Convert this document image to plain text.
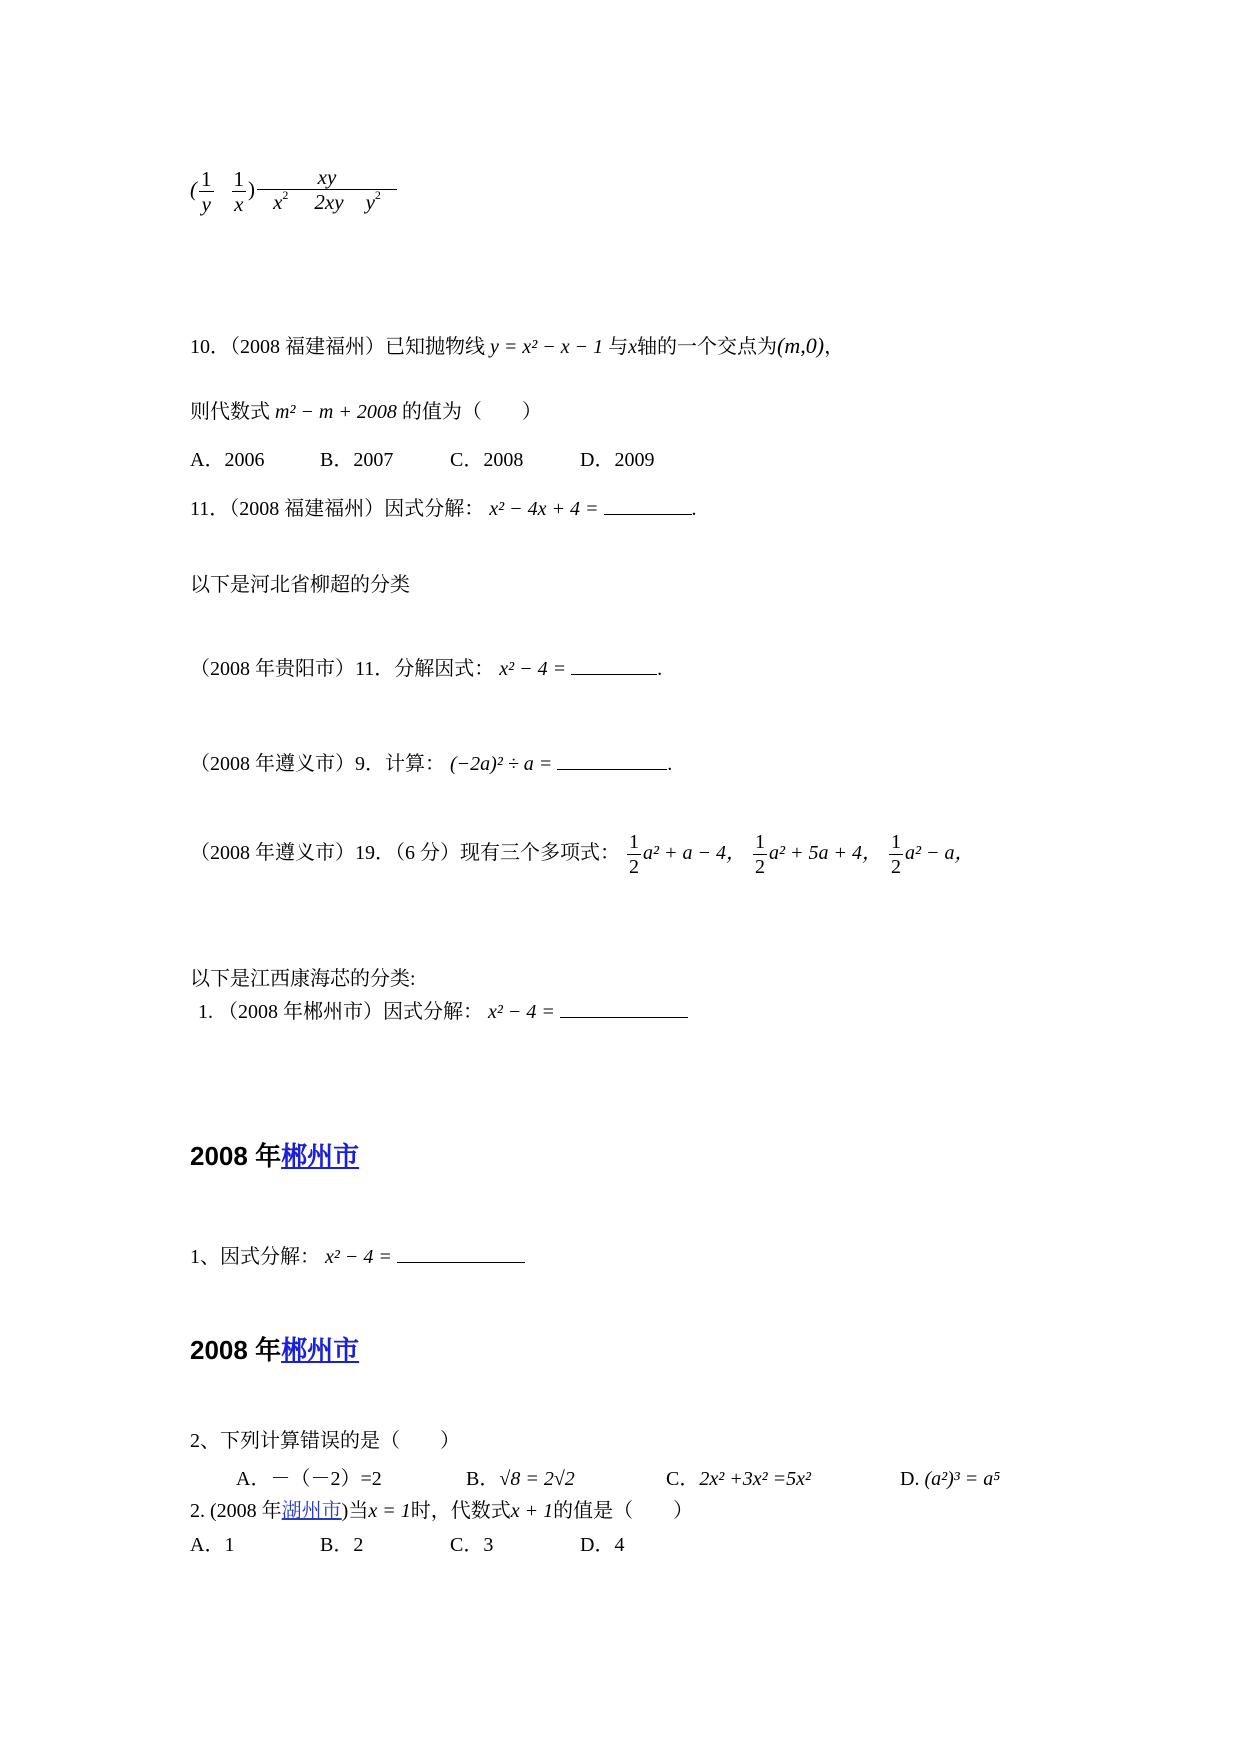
( $\frac{1}{y} \frac{1}{x}$ ) $\frac{xy}{x^2 2xy y^2}$
10．（2008 福建福州）已知抛物线 y = x² − x − 1 与x轴的一个交点为(m,0)，
则代数式 m² − m + 2008 的值为（　　）
A．2006	B．2007	C．2008	D．2009
11．（2008 福建福州）因式分解： x² − 4x + 4 =	.
以下是河北省柳超的分类
（2008 年贵阳市）11．分解因式： x² − 4 =	.
（2008 年遵义市）9．计算： (−2a)² ÷ a =	.
（2008 年遵义市）19．（6 分）现有三个多项式： $\frac{1}{2} a^2 + a - 4$， $\frac{1}{2} a^2 + 5a + 4$， $\frac{1}{2} a^2 - a$，
以下是江西康海芯的分类:
1. （2008 年郴州市）因式分解： x² − 4 =
2008 年郴州市
1、因式分解： x² − 4 =
2008 年郴州市
2、下列计算错误的是（　　）
A．－（－2）=2	B．√8 = 2√2	C．2x² +3x² =5x²	D. (a²)³ = a⁵
2. (2008 年湖州市)当x = 1时，代数式x + 1的值是（　　）
A．1	B．2	C．3	D．4
